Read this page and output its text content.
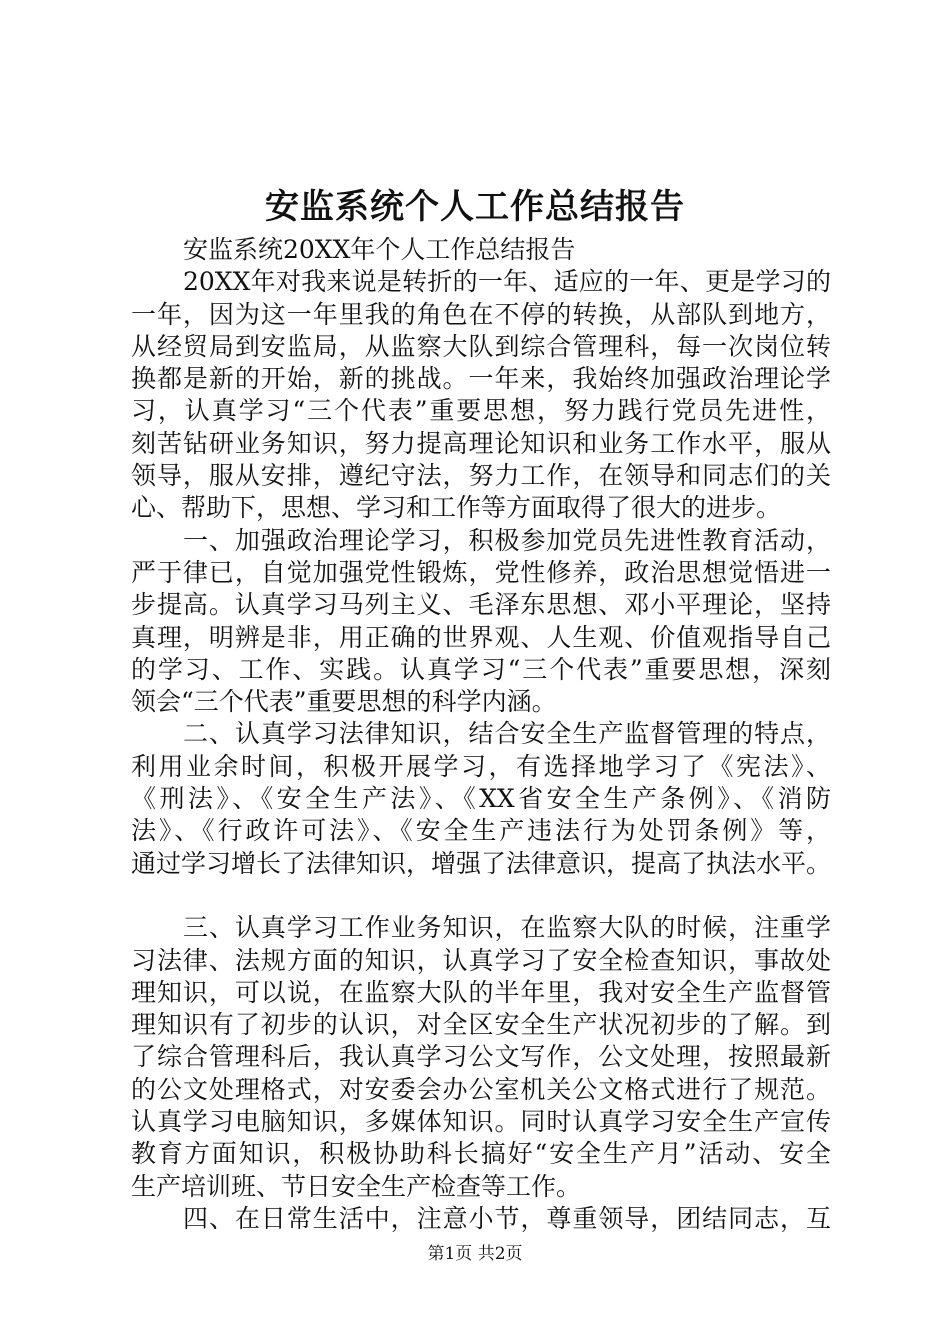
安监系统个人工作总结报告
安监系统20XX年个人工作总结报告
20XX年对我来说是转折的一年、适应的一年、更是学习的
一年，因为这一年里我的角色在不停的转换，从部队到地方，
从经贸局到安监局，从监察大队到综合管理科，每一次岗位转
换都是新的开始，新的挑战。一年来，我始终加强政治理论学
习，认真学习“三个代表”重要思想，努力践行党员先进性，
刻苦钻研业务知识，努力提高理论知识和业务工作水平，服从
领导，服从安排，遵纪守法，努力工作，在领导和同志们的关
心、帮助下，思想、学习和工作等方面取得了很大的进步。
一、加强政治理论学习，积极参加党员先进性教育活动，
严于律已，自觉加强党性锻炼，党性修养，政治思想觉悟进一
步提高。认真学习马列主义、毛泽东思想、邓小平理论，坚持
真理，明辨是非，用正确的世界观、人生观、价值观指导自己
的学习、工作、实践。认真学习“三个代表”重要思想，深刻
领会“三个代表”重要思想的科学内涵。
二、认真学习法律知识，结合安全生产监督管理的特点，
利用业余时间，积极开展学习，有选择地学习了《宪法》、
《刑法》、《安全生产法》、《XX省安全生产条例》、《消防
法》、《行政许可法》、《安全生产违法行为处罚条例》等，
通过学习增长了法律知识，增强了法律意识，提高了执法水平。
三、认真学习工作业务知识，在监察大队的时候，注重学
习法律、法规方面的知识，认真学习了安全检查知识，事故处
理知识，可以说，在监察大队的半年里，我对安全生产监督管
理知识有了初步的认识，对全区安全生产状况初步的了解。到
了综合管理科后，我认真学习公文写作，公文处理，按照最新
的公文处理格式，对安委会办公室机关公文格式进行了规范。
认真学习电脑知识，多媒体知识。同时认真学习安全生产宣传
教育方面知识，积极协助科长搞好“安全生产月”活动、安全
生产培训班、节日安全生产检查等工作。
四、在日常生活中，注意小节，尊重领导，团结同志，互
第1页 共2页
